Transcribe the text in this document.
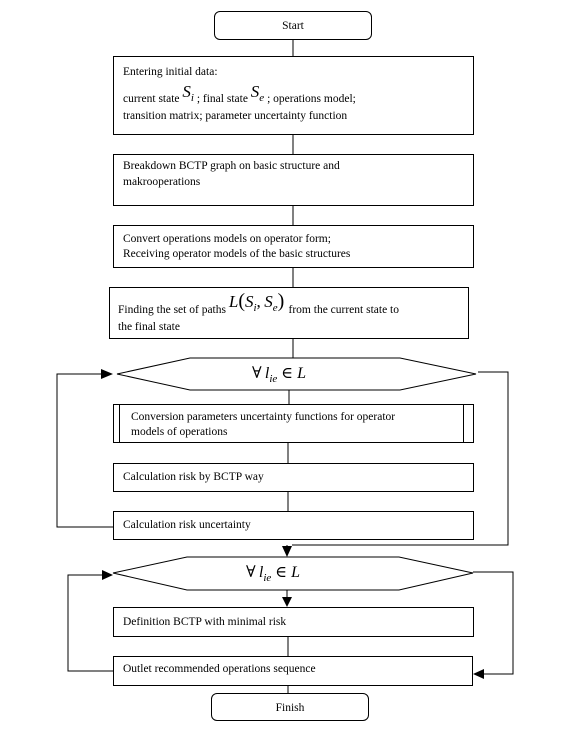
Start
Entering initial data:
current state $S_i$ ; final state $S_e$ ; operations model;
transition matrix; parameter uncertainty function
Breakdown BCTP graph on basic structure and
makrooperations
Convert operations models on operator form;
Receiving operator models of the basic structures
Finding the set of paths $L(S_i$, $S_e$) from the current state to
the final state
∀  $l_{ie}$ ∈ L
Conversion parameters uncertainty functions for operator
models of operations
Calculation risk by BCTP way
Calculation risk uncertainty
∀  $l_{ie}$ ∈ L
Definition BCTP with minimal risk
Outlet recommended operations sequence
Finish
